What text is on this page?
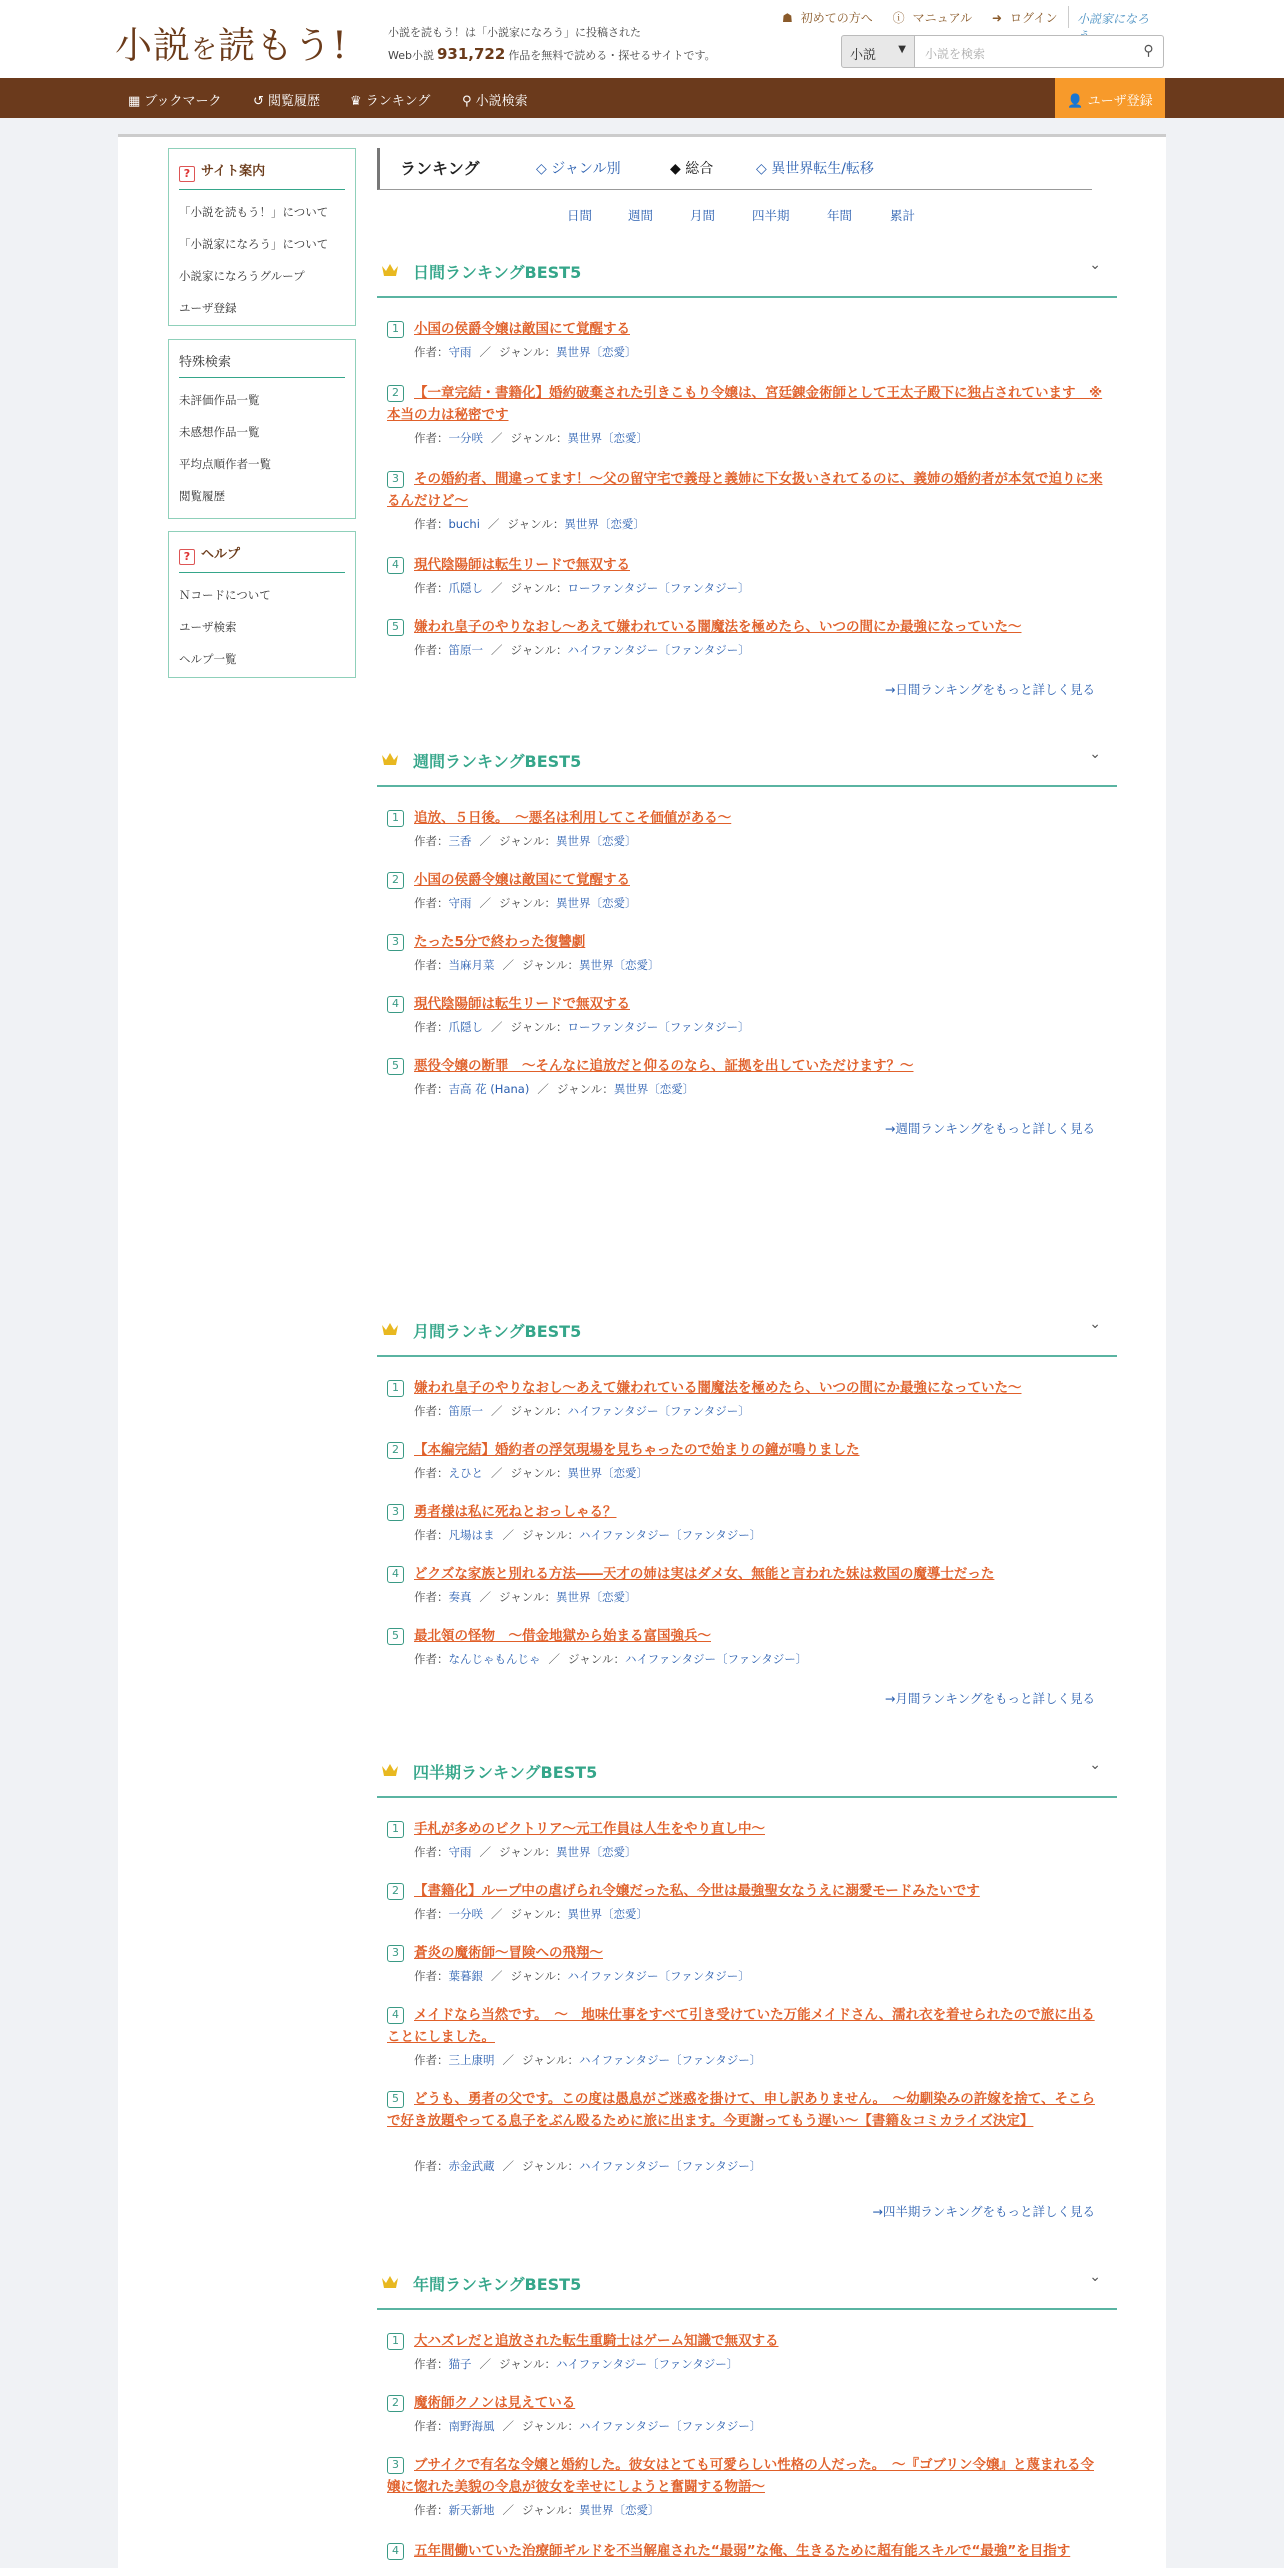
小説を読もう!	小説を読もう！は「小説家になろう」に投稿された
Web小説 931,722 作品を無料で読める・探せるサイトです。
☗ 初めての方へ ⓘ マニュアル ➜ ログイン	小説家になろ
小説 ▼	小説を検索	⚲
▦ ブックマーク ↺ 閲覧履歴 ♛ ランキング ⚲ 小説検索	👤 ユーザ登録
? サイト案内
「小説を読もう！」について
「小説家になろう」について
小説家になろうグループ
ユーザ登録
特殊検索
未評価作品一覧
未感想作品一覧
平均点順作者一覧
閲覧履歴
? ヘルプ
Ｎコードについて
ユーザ検索
ヘルプ一覧
ランキング	◇ ジャンル別	◆ 総合	◇ 異世界転生/転移
日間	週間	月間	四半期	年間	累計
日間ランキングBEST5	⌄
小国の侯爵令嬢は敵国にて覚醒する
1
作者：守雨 ／ ジャンル：異世界〔恋愛〕
【一章完結・書籍化】婚約破棄された引きこもり令嬢は、宮廷錬金術師として王太子殿下に独占されています　※本当の力は秘密です
2
作者：一分咲 ／ ジャンル：異世界〔恋愛〕
その婚約者、間違ってます！～父の留守宅で義母と義姉に下女扱いされてるのに、義姉の婚約者が本気で迫りに来るんだけど～
3
作者：buchi ／ ジャンル：異世界〔恋愛〕
現代陰陽師は転生リードで無双する
4
作者：爪隠し ／ ジャンル：ローファンタジー〔ファンタジー〕
嫌われ皇子のやりなおし～あえて嫌われている闇魔法を極めたら、いつの間にか最強になっていた～
5
作者：笛原一 ／ ジャンル：ハイファンタジー〔ファンタジー〕
→日間ランキングをもっと詳しく見る
週間ランキングBEST5	⌄
追放、５日後。　～悪名は利用してこそ価値がある～
1
作者：三香 ／ ジャンル：異世界〔恋愛〕
小国の侯爵令嬢は敵国にて覚醒する
2
作者：守雨 ／ ジャンル：異世界〔恋愛〕
たった5分で終わった復讐劇
3
作者：当麻月菜 ／ ジャンル：異世界〔恋愛〕
現代陰陽師は転生リードで無双する
4
作者：爪隠し ／ ジャンル：ローファンタジー〔ファンタジー〕
悪役令嬢の断罪　～そんなに追放だと仰るのなら、証拠を出していただけます？～
5
作者：吉高 花 (Hana) ／ ジャンル：異世界〔恋愛〕
→週間ランキングをもっと詳しく見る
月間ランキングBEST5	⌄
嫌われ皇子のやりなおし～あえて嫌われている闇魔法を極めたら、いつの間にか最強になっていた～
1
作者：笛原一 ／ ジャンル：ハイファンタジー〔ファンタジー〕
【本編完結】婚約者の浮気現場を見ちゃったので始まりの鐘が鳴りました
2
作者：えひと ／ ジャンル：異世界〔恋愛〕
勇者様は私に死ねとおっしゃる？
3
作者：凡場はま ／ ジャンル：ハイファンタジー〔ファンタジー〕
どクズな家族と別れる方法――天才の姉は実はダメ女、無能と言われた妹は救国の魔導士だった
4
作者：奏真 ／ ジャンル：異世界〔恋愛〕
最北領の怪物　～借金地獄から始まる富国強兵～
5
作者：なんじゃもんじゃ ／ ジャンル：ハイファンタジー〔ファンタジー〕
→月間ランキングをもっと詳しく見る
四半期ランキングBEST5	⌄
手札が多めのビクトリア〜元工作員は人生をやり直し中〜
1
作者：守雨 ／ ジャンル：異世界〔恋愛〕
【書籍化】ループ中の虐げられ令嬢だった私、今世は最強聖女なうえに溺愛モードみたいです
2
作者：一分咲 ／ ジャンル：異世界〔恋愛〕
蒼炎の魔術師〜冒険への飛翔〜
3
作者：葉暮銀 ／ ジャンル：ハイファンタジー〔ファンタジー〕
メイドなら当然です。　～　地味仕事をすべて引き受けていた万能メイドさん、濡れ衣を着せられたので旅に出ることにしました。
4
作者：三上康明 ／ ジャンル：ハイファンタジー〔ファンタジー〕
どうも、勇者の父です。この度は愚息がご迷惑を掛けて、申し訳ありません。　〜幼馴染みの許嫁を捨て、そこらで好き放題やってる息子をぶん殴るために旅に出ます。今更謝ってもう遅い〜【書籍＆コミカライズ決定】
5
作者：赤金武蔵 ／ ジャンル：ハイファンタジー〔ファンタジー〕
→四半期ランキングをもっと詳しく見る
年間ランキングBEST5	⌄
大ハズレだと追放された転生重騎士はゲーム知識で無双する
1
作者：猫子 ／ ジャンル：ハイファンタジー〔ファンタジー〕
魔術師クノンは見えている
2
作者：南野海風 ／ ジャンル：ハイファンタジー〔ファンタジー〕
ブサイクで有名な令嬢と婚約した。彼女はとても可愛らしい性格の人だった。　～『ゴブリン令嬢』と蔑まれる令嬢に惚れた美貌の令息が彼女を幸せにしようと奮闘する物語～
3
作者：新天新地 ／ ジャンル：異世界〔恋愛〕
五年間働いていた治療師ギルドを不当解雇された“最弱”な俺、生きるために超有能スキルで“最強”を目指す
4
